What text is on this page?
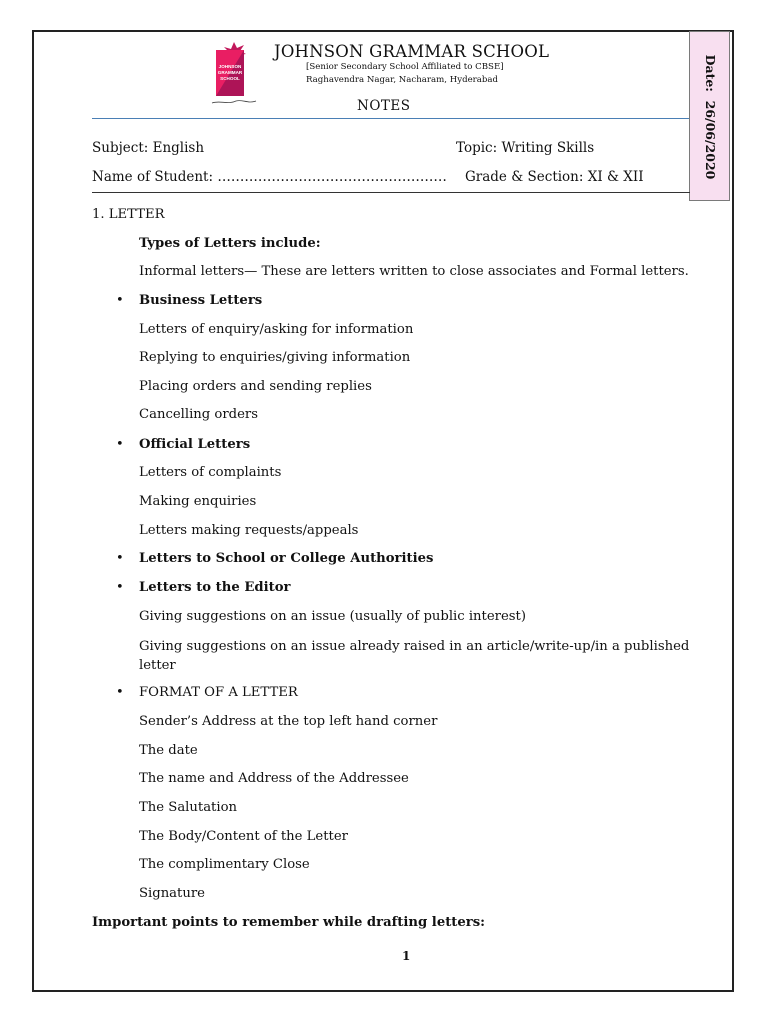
JOHNSON
GRAMMAR
SCHOOL
JOHNSON GRAMMAR SCHOOL
[Senior Secondary School Affiliated to CBSE]
Raghavendra Nagar, Nacharam, Hyderabad
NOTES
Date:

26/06/2020
Subject: English	Topic: Writing Skills
Name of Student: …………………………………………… Grade & Section: XI & XII
1. LETTER
Types of Letters include:
Informal letters— These are letters written to close associates and Formal letters.
• Business Letters
Letters of enquiry/asking for information
Replying to enquiries/giving information
Placing orders and sending replies
Cancelling orders
• Official Letters
Letters of complaints
Making enquiries
Letters making requests/appeals
• Letters to School or College Authorities
• Letters to the Editor
Giving suggestions on an issue (usually of public interest)
Giving suggestions on an issue already raised in an article/write-up/in a published letter
• FORMAT OF A LETTER
Sender’s Address at the top left hand corner
The date
The name and Address of the Addressee
The Salutation
The Body/Content of the Letter
The complimentary Close
Signature
Important points to remember while drafting letters:
1
